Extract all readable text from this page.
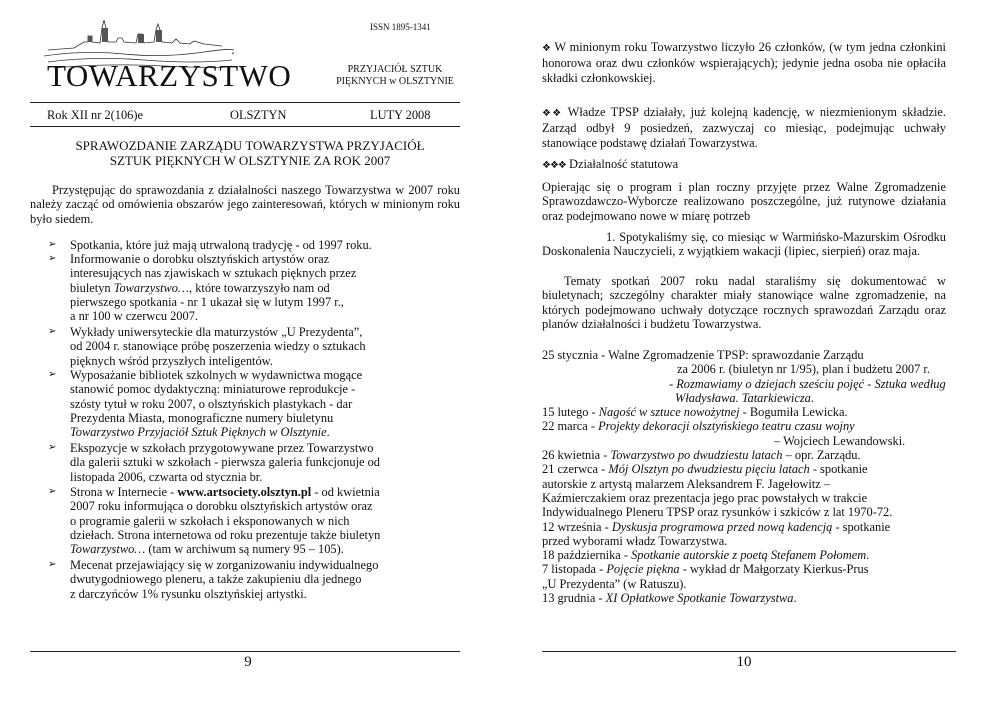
ISSN 1895-1341
TOWARZYSTWO	PRZYJACIÓŁ SZTUK
PIĘKNYCH w OLSZTYNIE
Rok XII nr 2(106)e	OLSZTYN	LUTY 2008
SPRAWOZDANIE ZARZĄDU TOWARZYSTWA PRZYJACIÓŁ
SZTUK PIĘKNYCH W OLSZTYNIE ZA ROK 2007
Przystępując do sprawozdania z działalności naszego Towarzystwa w 2007 roku należy zacząć od omówienia obszarów jego zainteresowań, których w minionym roku było siedem.
➢	Spotkania, które już mają utrwaloną tradycję - od 1997 roku.
➢	Informowanie o dorobku olsztyńskich artystów oraz
interesujących nas zjawiskach w sztukach pięknych przez
biuletyn Towarzystwo…, które towarzyszyło nam od
pierwszego spotkania - nr 1 ukazał się w lutym 1997 r.,
a nr 100 w czerwcu 2007.
➢	Wykłady uniwersyteckie dla maturzystów „U Prezydenta”,
od 2004 r. stanowiące próbę poszerzenia wiedzy o sztukach
pięknych wśród przyszłych inteligentów.
➢	Wyposażanie bibliotek szkolnych w wydawnictwa mogące
stanowić pomoc dydaktyczną: miniaturowe reprodukcje -
szósty tytuł w roku 2007, o olsztyńskich plastykach - dar
Prezydenta Miasta, monograficzne numery biuletynu
Towarzystwo Przyjaciół Sztuk Pięknych w Olsztynie.
➢	Ekspozycje w szkołach przygotowywane przez Towarzystwo
dla galerii sztuki w szkołach - pierwsza galeria funkcjonuje od
listopada 2006, czwarta od stycznia br.
➢	Strona w Internecie - www.artsociety.olsztyn.pl - od kwietnia
2007 roku informująca o dorobku olsztyńskich artystów oraz
o programie galerii w szkołach i eksponowanych w nich
dziełach. Strona internetowa od roku prezentuje także biuletyn
Towarzystwo… (tam w archiwum są numery 95 – 105).
➢	Mecenat przejawiający się w zorganizowaniu indywidualnego
dwutygodniowego pleneru, a także zakupieniu dla jednego
z darczyńców 1% rysunku olsztyńskiej artystki.
9
❖ W minionym roku Towarzystwo liczyło 26 członków, (w tym jedna członkini honorowa oraz dwu członków wspierających); jedynie jedna osoba nie opłaciła składki członkowskiej.
❖❖ Władze TPSP działały, już kolejną kadencję, w niezmienionym składzie. Zarząd odbył 9 posiedzeń, zazwyczaj co miesiąc, podejmując uchwały stanowiące podstawę działań Towarzystwa.
❖❖❖ Działalność statutowa
Opierając się o program i plan roczny przyjęte przez Walne Zgromadzenie Sprawozdawczo-Wyborcze realizowano poszczególne, już rutynowe działania oraz podejmowano nowe w miarę potrzeb
1. Spotykaliśmy się, co miesiąc w Warmińsko-Mazurskim Ośrodku Doskonalenia Nauczycieli, z wyjątkiem wakacji (lipiec, sierpień) oraz maja.
Tematy spotkań 2007 roku nadal staraliśmy się dokumentować w biuletynach; szczególny charakter miały stanowiące walne zgromadzenie, na których podejmowano uchwały dotyczące rocznych sprawozdań Zarządu oraz planów działalności i budżetu Towarzystwa.
25 stycznia - Walne Zgromadzenie TPSP: sprawozdanie Zarządu
za 2006 r. (biuletyn nr 1/95), plan i budżetu 2007 r.
- Rozmawiamy o dziejach sześciu pojęć - Sztuka według
Władysława. Tatarkiewicza.
15 lutego - Nagość w sztuce nowożytnej - Bogumiła Lewicka.
22 marca - Projekty dekoracji olsztyńskiego teatru czasu wojny
– Wojciech Lewandowski.
26 kwietnia - Towarzystwo po dwudziestu latach – opr. Zarządu.
21 czerwca - Mój Olsztyn po dwudziestu pięciu latach - spotkanie
autorskie z artystą malarzem Aleksandrem F. Jagełowitz –
Kaźmierczakiem oraz prezentacja jego prac powstałych w trakcie
Indywidualnego Pleneru TPSP oraz rysunków i szkiców z lat 1970-72.
12 września - Dyskusja programowa przed nową kadencją - spotkanie
przed wyborami władz Towarzystwa.
18 października - Spotkanie autorskie z poetą Stefanem Połomem.
7 listopada - Pojęcie piękna - wykład dr Małgorzaty Kierkus-Prus
„U Prezydenta” (w Ratuszu).
13 grudnia - XI Opłatkowe Spotkanie Towarzystwa.
10
